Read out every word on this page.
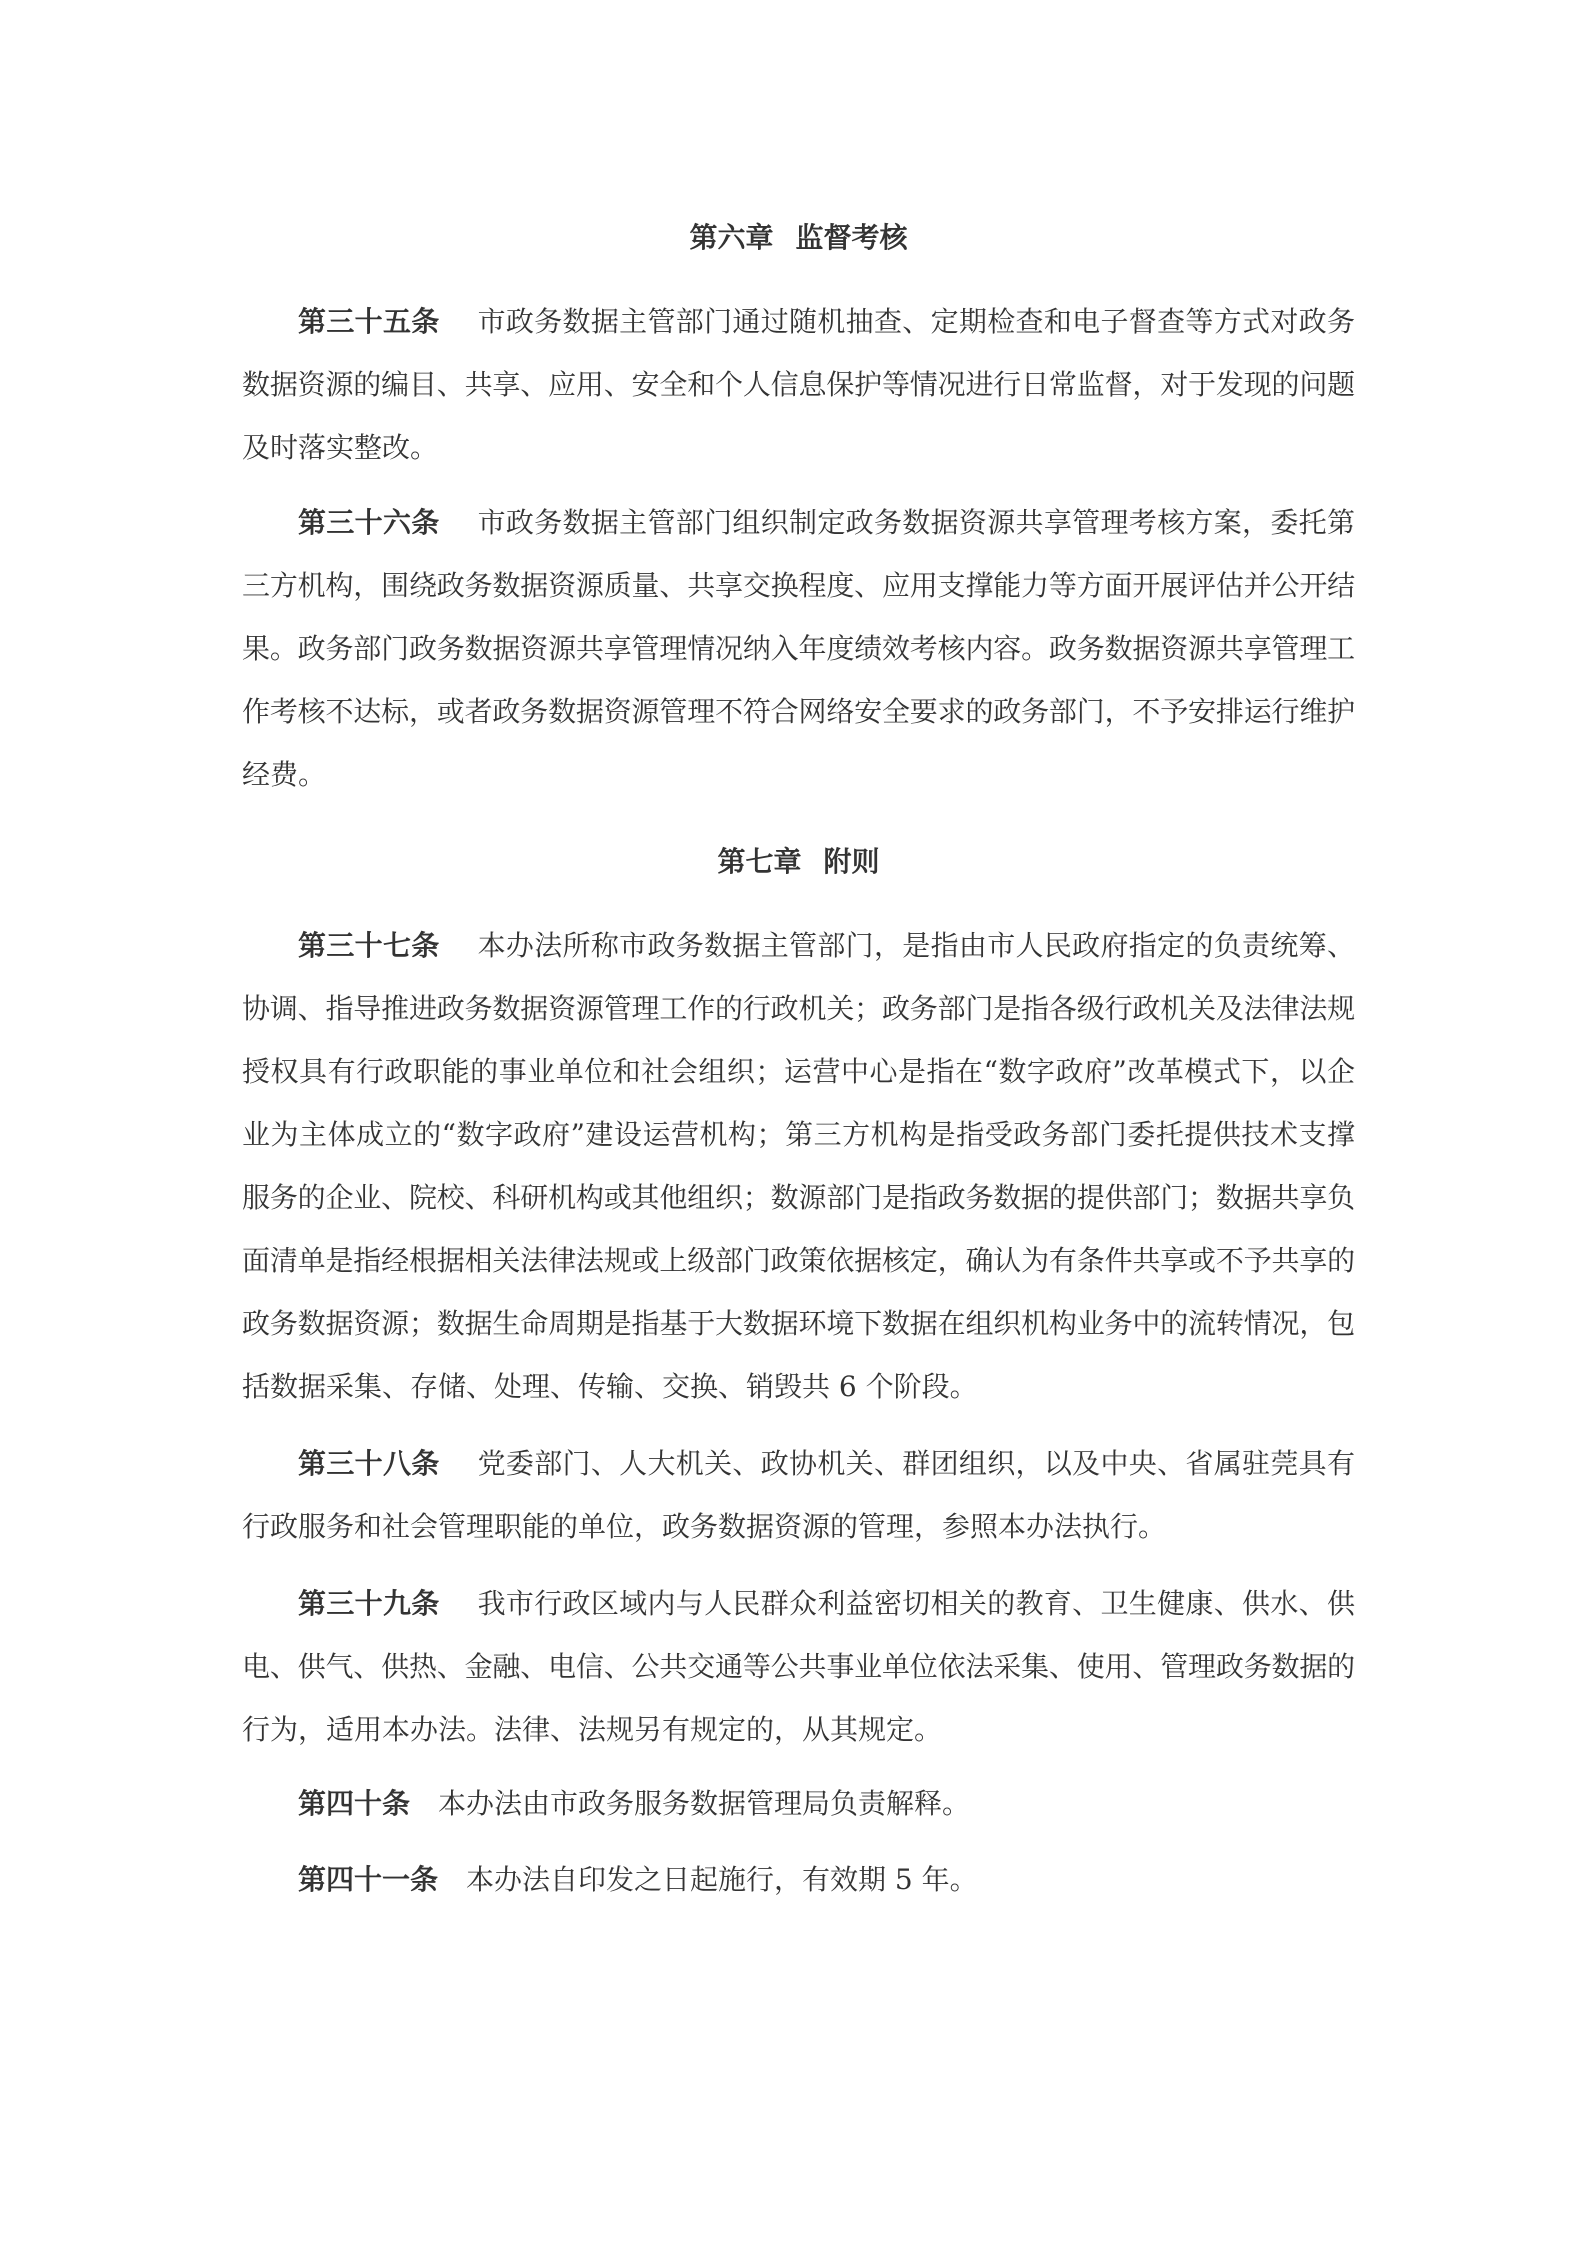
第六章 监督考核
第三十五条 市政务数据主管部门通过随机抽查、定期检查和电子督查等方式对政务
数据资源的编目、共享、应用、安全和个人信息保护等情况进行日常监督，对于发现的问题
及时落实整改。
第三十六条 市政务数据主管部门组织制定政务数据资源共享管理考核方案，委托第
三方机构，围绕政务数据资源质量、共享交换程度、应用支撑能力等方面开展评估并公开结
果。政务部门政务数据资源共享管理情况纳入年度绩效考核内容。政务数据资源共享管理工
作考核不达标，或者政务数据资源管理不符合网络安全要求的政务部门，不予安排运行维护
经费。
第七章 附则
第三十七条 本办法所称市政务数据主管部门，是指由市人民政府指定的负责统筹、
协调、指导推进政务数据资源管理工作的行政机关；政务部门是指各级行政机关及法律法规
授权具有行政职能的事业单位和社会组织；运营中心是指在“数字政府”改革模式下，以企
业为主体成立的“数字政府”建设运营机构；第三方机构是指受政务部门委托提供技术支撑
服务的企业、院校、科研机构或其他组织；数源部门是指政务数据的提供部门；数据共享负
面清单是指经根据相关法律法规或上级部门政策依据核定，确认为有条件共享或不予共享的
政务数据资源；数据生命周期是指基于大数据环境下数据在组织机构业务中的流转情况，包
括数据采集、存储、处理、传输、交换、销毁共 6 个阶段。
第三十八条 党委部门、人大机关、政协机关、群团组织，以及中央、省属驻莞具有
行政服务和社会管理职能的单位，政务数据资源的管理，参照本办法执行。
第三十九条 我市行政区域内与人民群众利益密切相关的教育、卫生健康、供水、供
电、供气、供热、金融、电信、公共交通等公共事业单位依法采集、使用、管理政务数据的
行为，适用本办法。法律、法规另有规定的，从其规定。
第四十条 本办法由市政务服务数据管理局负责解释。
第四十一条 本办法自印发之日起施行，有效期 5 年。
